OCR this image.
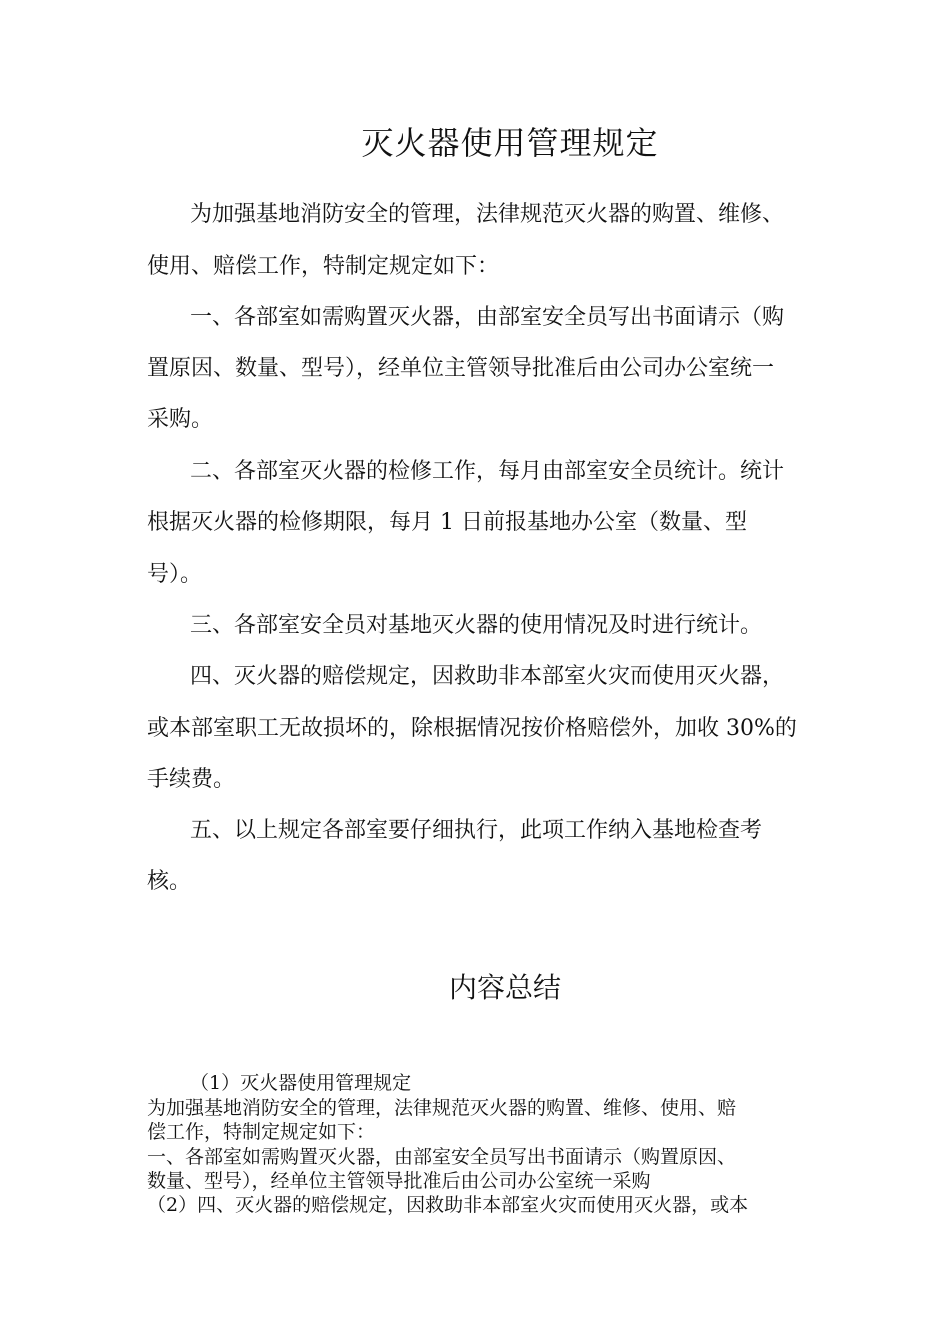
灭火器使用管理规定
为加强基地消防安全的管理，法律规范灭火器的购置、维修、
使用、赔偿工作，特制定规定如下：
一、各部室如需购置灭火器，由部室安全员写出书面请示（购
置原因、数量、型号），经单位主管领导批准后由公司办公室统一
采购。
二、各部室灭火器的检修工作，每月由部室安全员统计。统计
根据灭火器的检修期限，每月 1 日前报基地办公室（数量、型
号）。
三、各部室安全员对基地灭火器的使用情况及时进行统计。
四、灭火器的赔偿规定，因救助非本部室火灾而使用灭火器，
或本部室职工无故损坏的，除根据情况按价格赔偿外，加收 30%的
手续费。
五、以上规定各部室要仔细执行，此项工作纳入基地检查考
核。
内容总结
（1）灭火器使用管理规定
为加强基地消防安全的管理，法律规范灭火器的购置、维修、使用、赔
偿工作，特制定规定如下：
一、各部室如需购置灭火器，由部室安全员写出书面请示（购置原因、
数量、型号），经单位主管领导批准后由公司办公室统一采购
（2）四、灭火器的赔偿规定，因救助非本部室火灾而使用灭火器，或本
